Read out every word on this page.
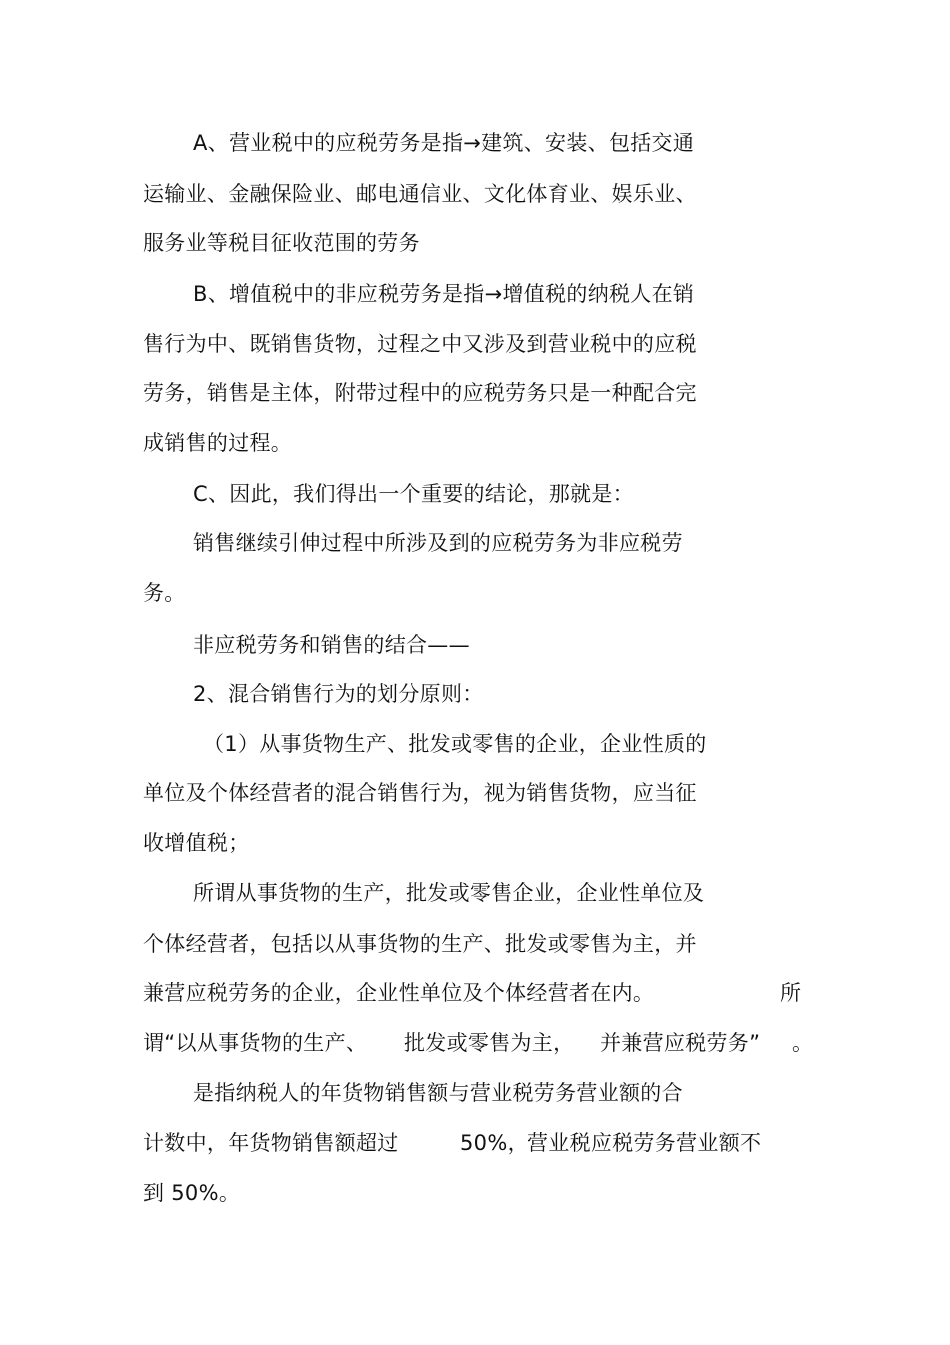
A、营业税中的应税劳务是指→建筑、安装、包括交通
运输业、金融保险业、邮电通信业、文化体育业、娱乐业、
服务业等税目征收范围的劳务
B、增值税中的非应税劳务是指→增值税的纳税人在销
售行为中、既销售货物，过程之中又涉及到营业税中的应税
劳务，销售是主体，附带过程中的应税劳务只是一种配合完
成销售的过程。
C、因此，我们得出一个重要的结论，那就是：
销售继续引伸过程中所涉及到的应税劳务为非应税劳
务。
非应税劳务和销售的结合——
2、混合销售行为的划分原则：
（1）从事货物生产、批发或零售的企业，企业性质的
单位及个体经营者的混合销售行为，视为销售货物，应当征
收增值税；
所谓从事货物的生产，批发或零售企业，企业性单位及
个体经营者，包括以从事货物的生产、批发或零售为主，并
兼营应税劳务的企业，企业性单位及个体经营者在内。	所
谓“以从事货物的生产、 批发或零售为主， 并兼营应税劳务” 。
是指纳税人的年货物销售额与营业税劳务营业额的合
计数中，年货物销售额超过	50%，
营业税应税劳务营业额不
到 50%。
